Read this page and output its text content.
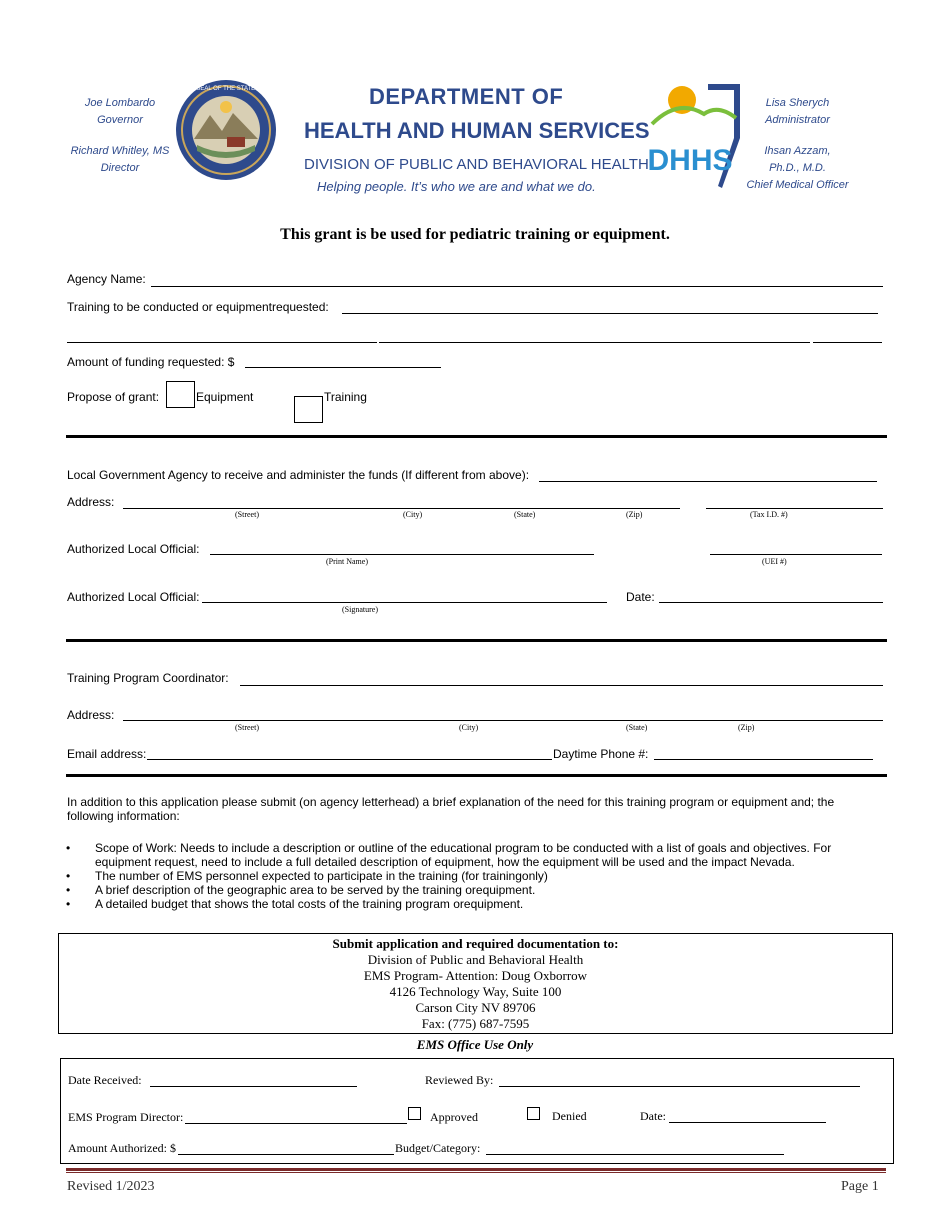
Joe Lombardo
Governor
Richard Whitley, MS
Director
THE GREAT SEAL OF THE STATE OF NEVADA	DEPARTMENT OF
HEALTH AND HUMAN SERVICES
DIVISION OF PUBLIC AND BEHAVIORAL HEALTH
Helping people. It’s who we are and what we do.
DHHS
Lisa Sherych
Administrator
Ihsan Azzam,
Ph.D., M.D.
Chief Medical Officer
This grant is be used for pediatric training or equipment.
Agency Name:
Training to be conducted or equipmentrequested:
Amount of funding requested: $
Propose of grant:	Equipment	Training
Local Government Agency to receive and administer the funds (If different from above):
Address:
(Street)	(City)	(State)	(Zip)	(Tax I.D. #)
Authorized Local Official:
(Print Name)	(UEI #)
Authorized Local Official:
(Signature)
Date:
Training Program Coordinator:
Address:
(Street)	(City)	(State)	(Zip)
Email address:	Daytime Phone #:
In addition to this application please submit (on agency letterhead) a brief explanation of the need for this training program or equipment and; the following information:
• Scope of Work: Needs to include a description or outline of the educational program to be conducted with a list of goals and objectives. For equipment request, need to include a full detailed description of equipment, how the equipment will be used and the impact Nevada.
• The number of EMS personnel expected to participate in the training (for trainingonly)
• A brief description of the geographic area to be served by the training orequipment.
• A detailed budget that shows the total costs of the training program orequipment.
Submit application and required documentation to:
Division of Public and Behavioral Health
EMS Program- Attention: Doug Oxborrow
4126 Technology Way, Suite 100
Carson City NV 89706
Fax: (775) 687-7595
EMS Office Use Only
Date Received:	Reviewed By:
EMS Program Director:	Approved	Denied	Date:
Amount Authorized: $	Budget/Category:
Revised 1/2023	Page 1
